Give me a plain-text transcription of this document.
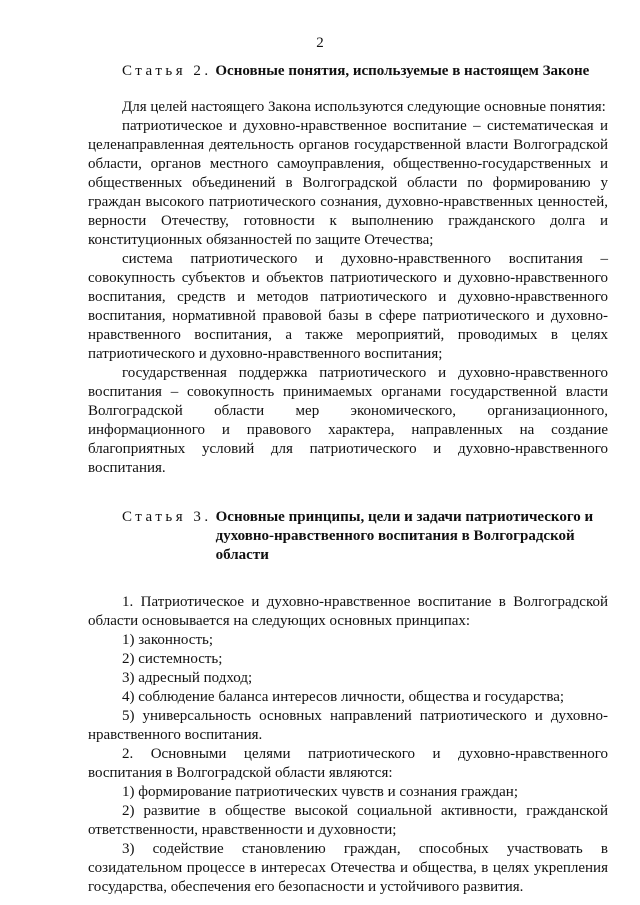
2
Статья 2. Основные понятия, используемые в настоящем Законе

Для целей настоящего Закона используются следующие основные понятия:

патриотическое и духовно-нравственное воспитание – систематическая и целенаправленная деятельность органов государственной власти Волгоградской области, органов местного самоуправления, общественно-государственных и общественных объединений в Волгоградской области по формированию у граждан высокого патриотического сознания, духовно-нравственных ценностей, верности Отечеству, готовности к выполнению гражданского долга и конституционных обязанностей по защите Отечества;

система патриотического и духовно-нравственного воспитания – совокупность субъектов и объектов патриотического и духовно-нравственного воспитания, средств и методов патриотического и духовно-нравственного воспитания, нормативной правовой базы в сфере патриотического и духовно-нравственного воспитания, а также мероприятий, проводимых в целях патриотического и духовно-нравственного воспитания;

государственная поддержка патриотического и духовно-нравственного воспитания – совокупность принимаемых органами государственной власти Волгоградской области мер экономического, организационного, информационного и правового характера, направленных на создание благоприятных условий для патриотического и духовно-нравственного воспитания.

Статья 3. Основные принципы, цели и задачи патриотического и духовно-нравственного воспитания в Волгоградской области

1. Патриотическое и духовно-нравственное воспитание в Волгоградской области основывается на следующих основных принципах:

1) законность;

2) системность;

3) адресный подход;

4) соблюдение баланса интересов личности, общества и государства;

5) универсальность основных направлений патриотического и духовно-нравственного воспитания.

2. Основными целями патриотического и духовно-нравственного воспитания в Волгоградской области являются:

1) формирование патриотических чувств и сознания граждан;

2) развитие в обществе высокой социальной активности, гражданской ответственности, нравственности и духовности;

3) содействие становлению граждан, способных участвовать в созидательном процессе в интересах Отечества и общества, в целях укрепления государства, обеспечения его безопасности и устойчивого развития.
